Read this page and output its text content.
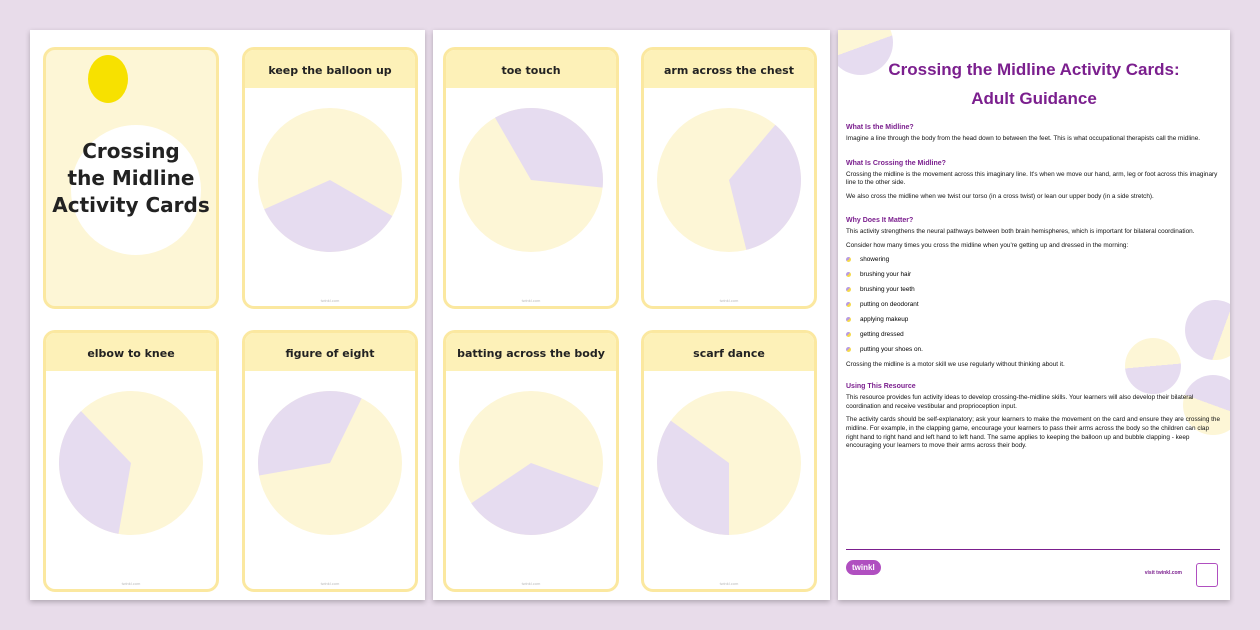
Crossing
the Midline
Activity Cards
keep the balloon up
twinkl.com
elbow to knee
twinkl.com
figure of eight
twinkl.com
toe touch
twinkl.com
arm across the chest
twinkl.com
batting across the body
twinkl.com
scarf dance
twinkl.com
Crossing the Midline Activity Cards:
Adult Guidance
What Is the Midline?

Imagine a line through the body from the head down to between the feet. This is what occupational therapists call the midline.

What Is Crossing the Midline?

Crossing the midline is the movement across this imaginary line. It's when we move our hand, arm, leg or foot across this imaginary line to the other side.

We also cross the midline when we twist our torso (in a cross twist) or lean our upper body (in a side stretch).

Why Does It Matter?

This activity strengthens the neural pathways between both brain hemispheres, which is important for bilateral coordination.

Consider how many times you cross the midline when you're getting up and dressed in the morning:

showering
brushing your hair
brushing your teeth
putting on deodorant
applying makeup
getting dressed
putting your shoes on.

Crossing the midline is a motor skill we use regularly without thinking about it.

Using This Resource

This resource provides fun activity ideas to develop crossing-the-midline skills. Your learners will also develop their bilateral coordination and receive vestibular and proprioception input.

The activity cards should be self-explanatory; ask your learners to make the movement on the card and ensure they are crossing the midline. For example, in the clapping game, encourage your learners to pass their arms across the body so the children can clap right hand to right hand and left hand to left hand. The same applies to keeping the balloon up and bubble clapping - keep encouraging your learners to move their arms across their body.

twinkl
visit twinkl.com
